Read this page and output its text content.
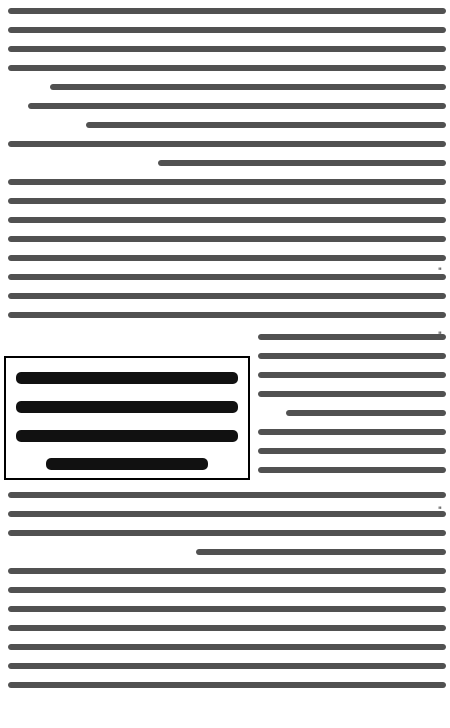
"
"
"
